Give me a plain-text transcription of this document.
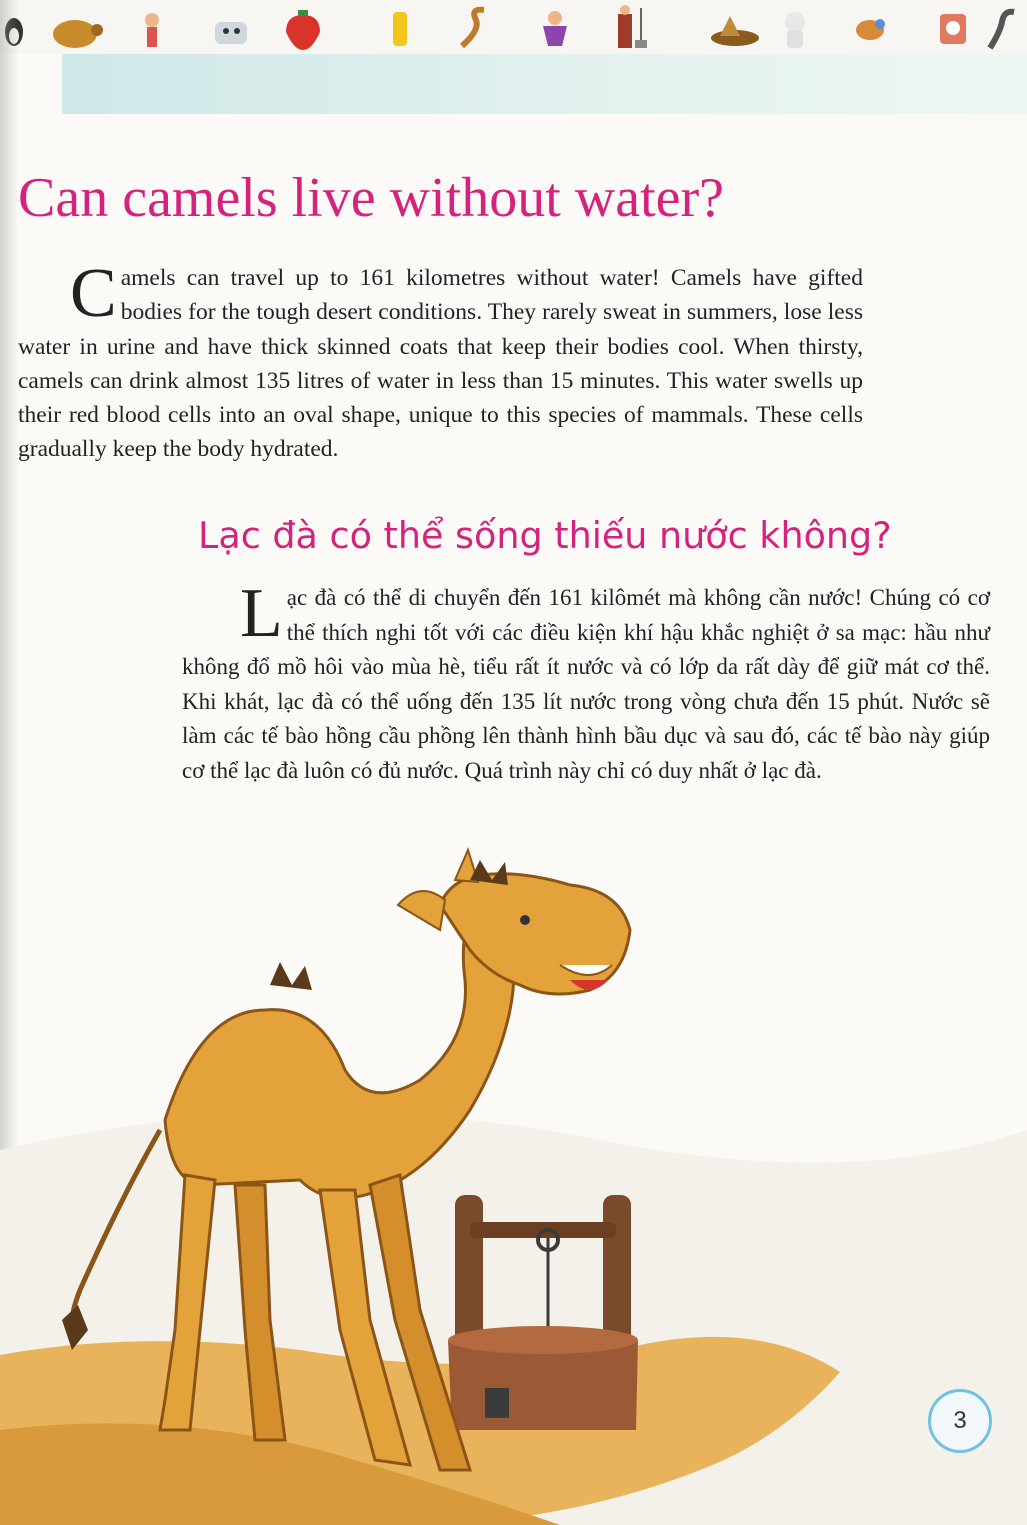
Can camels live without water?
Camels can travel up to 161 kilometres without water! Camels have gifted bodies for the tough desert conditions. They rarely sweat in summers, lose less water in urine and have thick skinned coats that keep their bodies cool. When thirsty, camels can drink almost 135 litres of water in less than 15 minutes. This water swells up their red blood cells into an oval shape, unique to this species of mammals. These cells gradually keep the body hydrated.
Lạc đà có thể sống thiếu nước không?
Lạc đà có thể di chuyển đến 161 kilômét mà không cần nước! Chúng có cơ thể thích nghi tốt với các điều kiện khí hậu khắc nghiệt ở sa mạc: hầu như không đổ mồ hôi vào mùa hè, tiểu rất ít nước và có lớp da rất dày để giữ mát cơ thể. Khi khát, lạc đà có thể uống đến 135 lít nước trong vòng chưa đến 15 phút. Nước sẽ làm các tế bào hồng cầu phồng lên thành hình bầu dục và sau đó, các tế bào này giúp cơ thể lạc đà luôn có đủ nước. Quá trình này chỉ có duy nhất ở lạc đà.
3
